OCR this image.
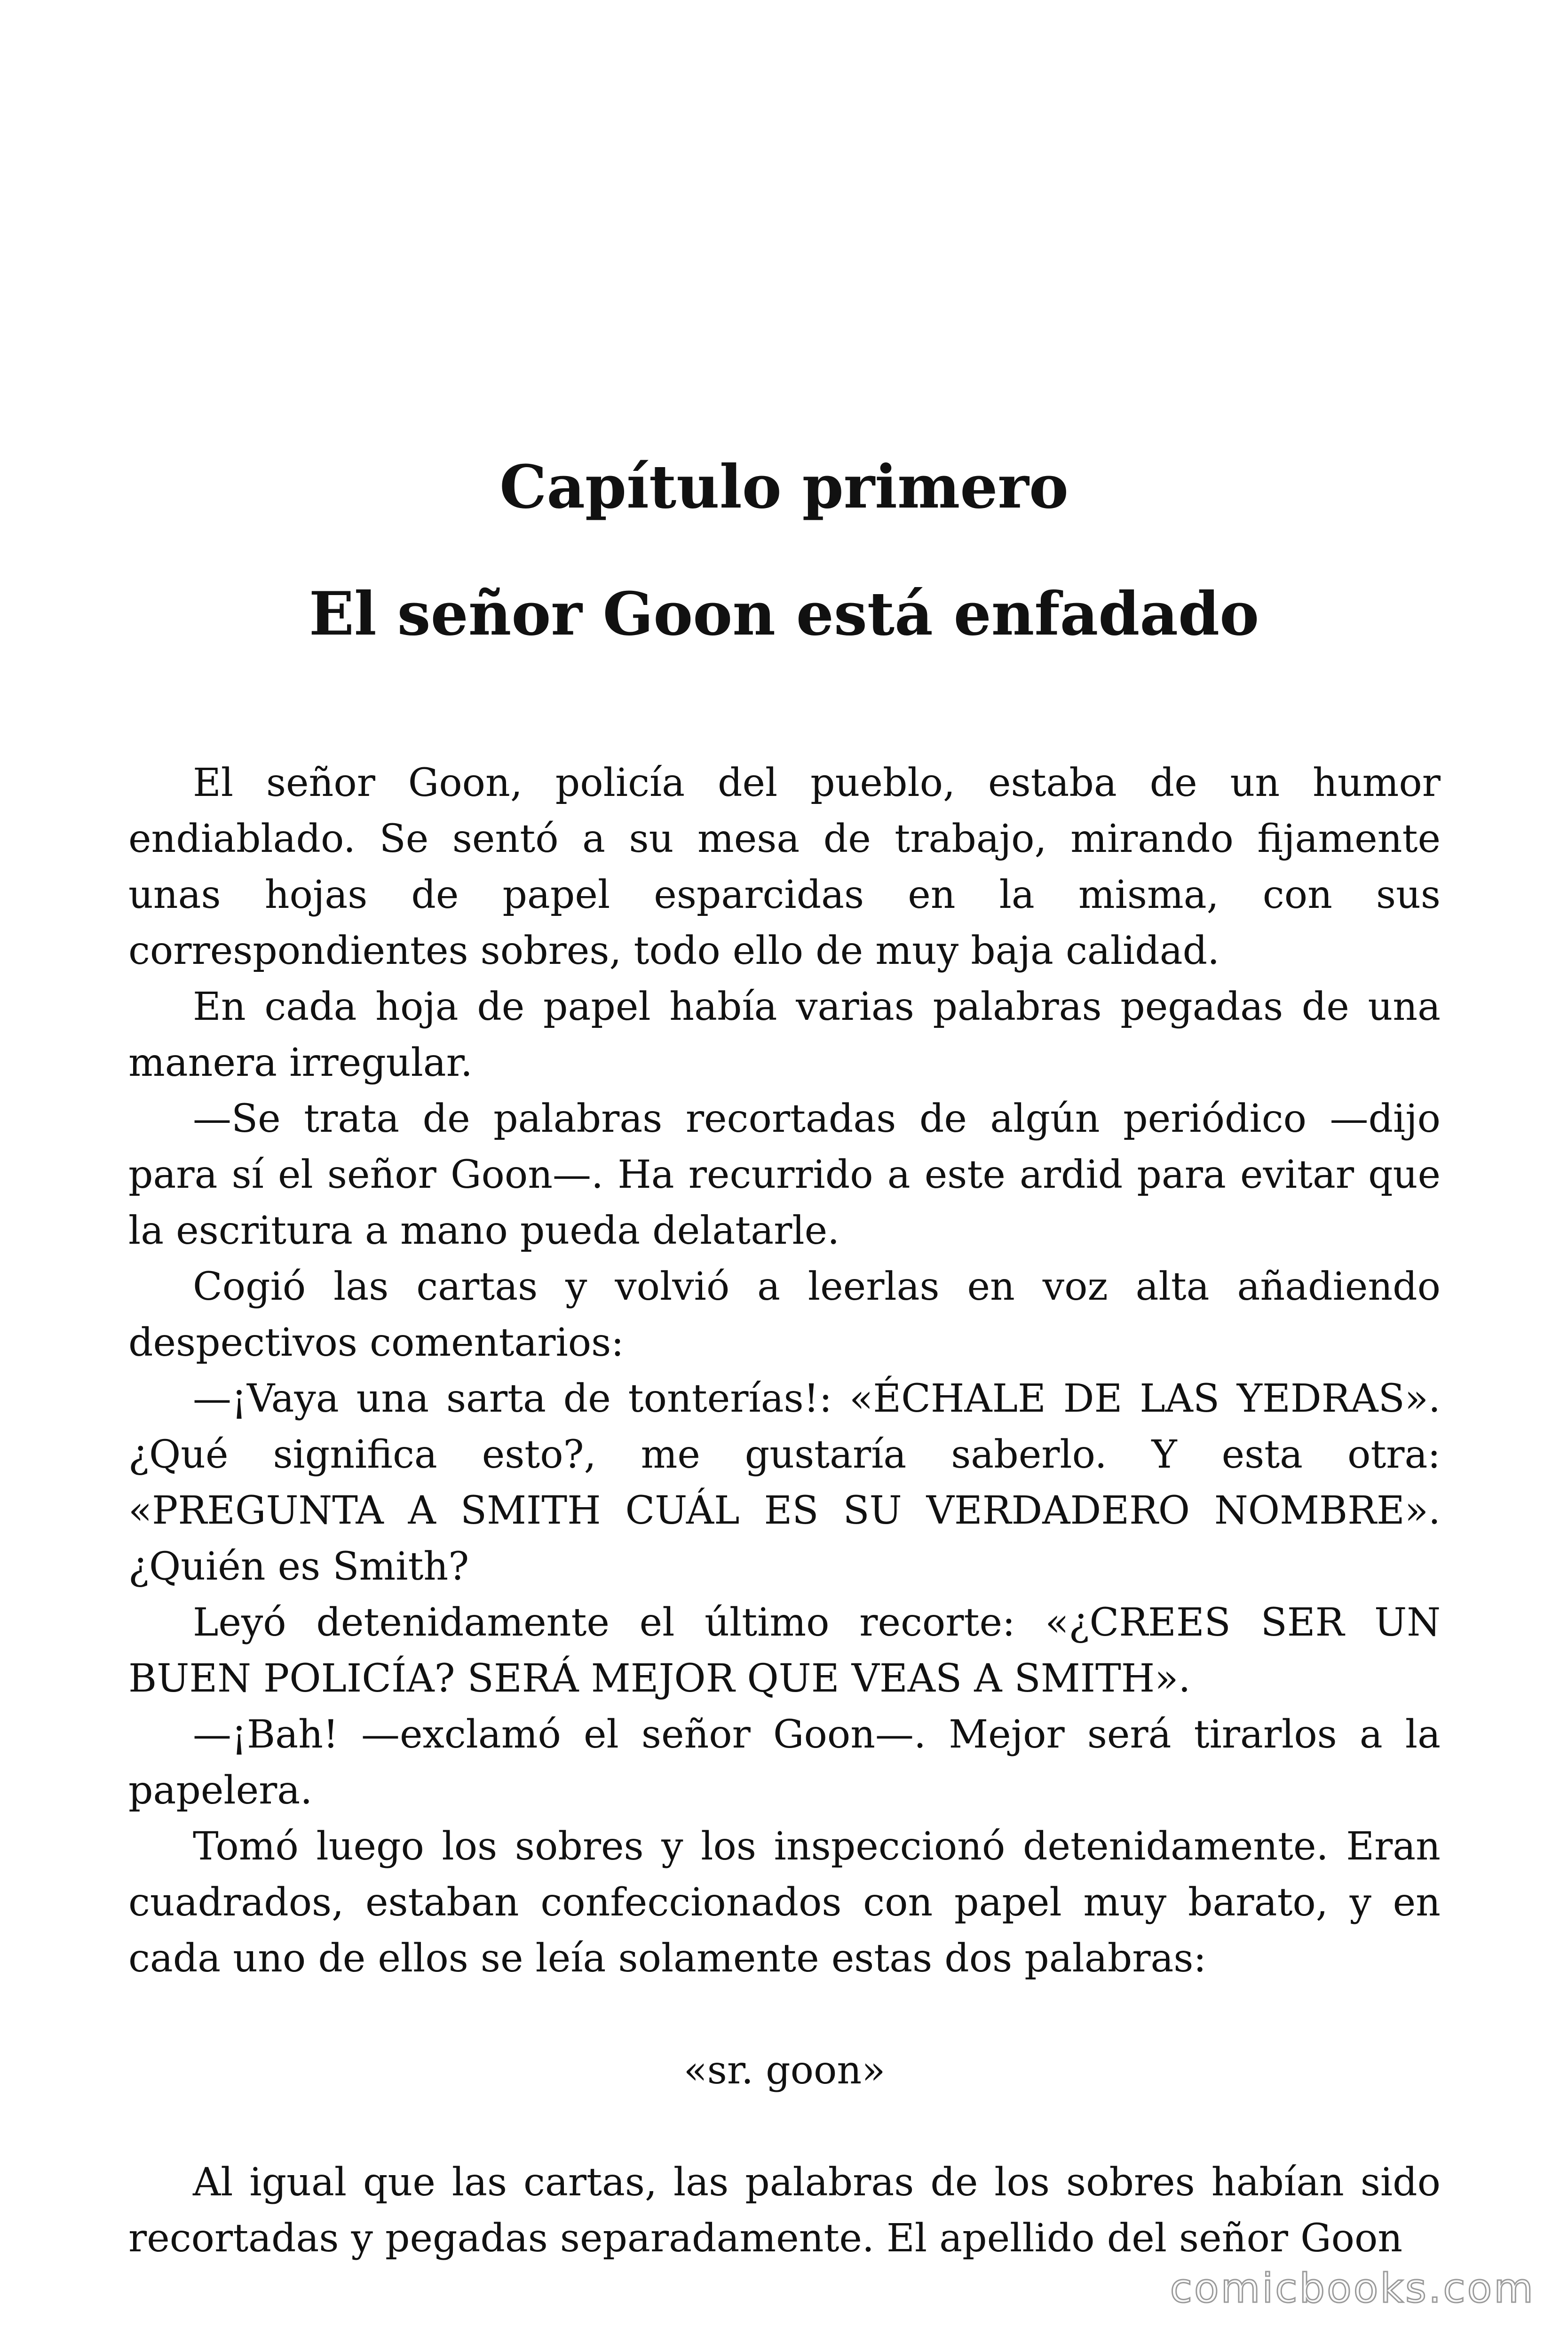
Capítulo primero
El señor Goon está enfadado

El señor Goon, policía del pueblo, estaba de un humor endiablado. Se sentó a su mesa de trabajo, mirando fijamente unas hojas de papel esparcidas en la misma, con sus correspondientes sobres, todo ello de muy baja calidad.

En cada hoja de papel había varias palabras pegadas de una manera irregular.

—Se trata de palabras recortadas de algún periódico —dijo para sí el señor Goon—. Ha recurrido a este ardid para evitar que la escritura a mano pueda delatarle.

Cogió las cartas y volvió a leerlas en voz alta añadiendo despectivos comentarios:

—¡Vaya una sarta de tonterías!: «ÉCHALE DE LAS YEDRAS». ¿Qué significa esto?, me gustaría saberlo. Y esta otra: «PREGUNTA A SMITH CUÁL ES SU VERDADERO NOMBRE». ¿Quién es Smith?

Leyó detenidamente el último recorte: «¿CREES SER UN BUEN POLICÍA? SERÁ MEJOR QUE VEAS A SMITH».

—¡Bah! —exclamó el señor Goon—. Mejor será tirarlos a la papelera.

Tomó luego los sobres y los inspeccionó detenidamente. Eran cuadrados, estaban confeccionados con papel muy barato, y en cada uno de ellos se leía solamente estas dos palabras:

«sr. goon»

Al igual que las cartas, las palabras de los sobres habían sido recortadas y pegadas separadamente. El apellido del señor Goon

comicbooks.com
